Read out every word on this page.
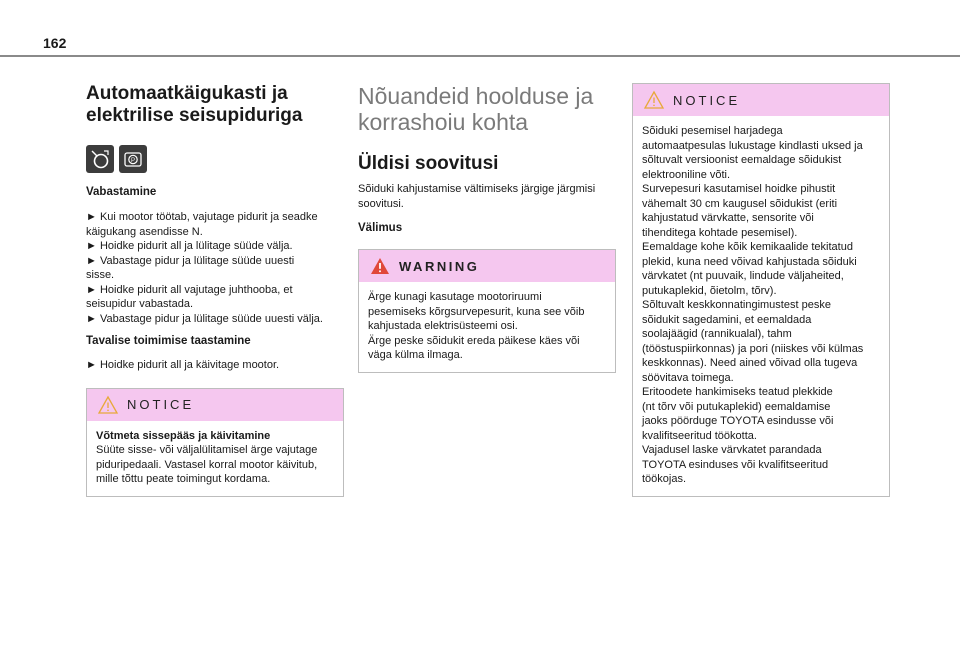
162
Automaatkäigukasti ja
elektrilise seisupiduriga
P
Vabastamine
► Kui mootor töötab, vajutage pidurit ja seadke
käigukang asendisse N.
► Hoidke pidurit all ja lülitage süüde välja.
► Vabastage pidur ja lülitage süüde uuesti
sisse.
► Hoidke pidurit all vajutage juhthooba, et
seisupidur vabastada.
► Vabastage pidur ja lülitage süüde uuesti välja.
Tavalise toimimise taastamine
► Hoidke pidurit all ja käivitage mootor.
NOTICE
Võtmeta sissepääs ja käivitamine
Süüte sisse- või väljalülitamisel ärge vajutage
piduripedaali. Vastasel korral mootor käivitub,
mille tõttu peate toimingut kordama.
Nõuandeid hoolduse ja
korrashoiu kohta
Üldisi soovitusi
Sõiduki kahjustamise vältimiseks järgige järgmisi
soovitusi.
Välimus
WARNING
Ärge kunagi kasutage mootoriruumi
pesemiseks kõrgsurvepesurit, kuna see võib
kahjustada elektrisüsteemi osi.
Ärge peske sõidukit ereda päikese käes või
väga külma ilmaga.
NOTICE
Sõiduki pesemisel harjadega
automaatpesulas lukustage kindlasti uksed ja
sõltuvalt versioonist eemaldage sõidukist
elektrooniline võti.
Survepesuri kasutamisel hoidke pihustit
vähemalt 30 cm kaugusel sõidukist (eriti
kahjustatud värvkatte, sensorite või
tihenditega kohtade pesemisel).
Eemaldage kohe kõik kemikaalide tekitatud
plekid, kuna need võivad kahjustada sõiduki
värvkatet (nt puuvaik, lindude väljaheited,
putukaplekid, õietolm, tõrv).
Sõltuvalt keskkonnatingimustest peske
sõidukit sagedamini, et eemaldada
soolajäägid (rannikualal), tahm
(tööstuspiirkonnas) ja pori (niiskes või külmas
keskkonnas). Need ained võivad olla tugeva
söövitava toimega.
Eritoodete hankimiseks teatud plekkide
(nt tõrv või putukaplekid) eemaldamise
jaoks pöörduge TOYOTA esindusse või
kvalifitseeritud töökotta.
Vajadusel laske värvkatet parandada
TOYOTA esinduses või kvalifitseeritud
töökojas.
